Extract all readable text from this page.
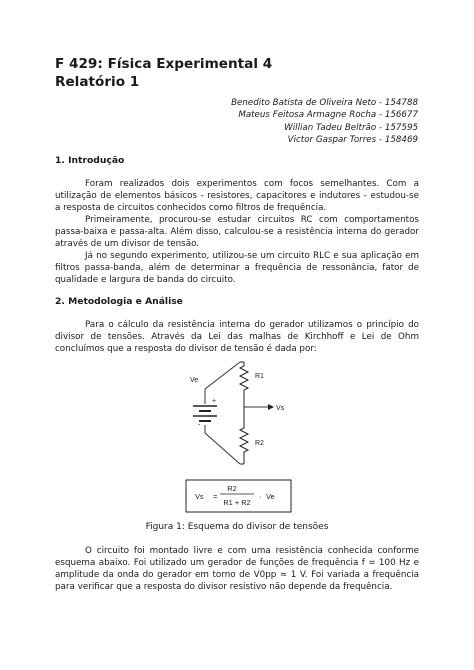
F 429: Física Experimental 4

Relatório 1

Benedito Batista de Oliveira Neto - 154788
Mateus Feitosa Armagne Rocha - 156677
Willian Tadeu Beltrão - 157595
Victor Gaspar Torres - 158469

1. Introdução

Foram realizados dois experimentos com focos semelhantes. Com a utilização de elementos básicos - resistores, capacitores e indutores - estudou-se a resposta de circuitos conhecidos como filtros de frequência.

Primeiramente, procurou-se estudar circuitos RC com comportamentos passa-baixa e passa-alta. Além disso, calculou-se a resistência interna do gerador através de um divisor de tensão.

Já no segundo experimento, utilizou-se um circuito RLC e sua aplicação em filtros passa-banda, além de determinar a frequência de ressonância, fator de qualidade e largura de banda do circuito.

2. Metodologia e Análise

Para o cálculo da resistência interna do gerador utilizamos o princípio do divisor de tensões. Através da Lei das malhas de Kirchhoff e Lei de Ohm concluímos que a resposta do divisor de tensão é dada por:

Ve
+
-
R1
R2
Vs
Vs =
R2
R1 + R2
· Ve
Figura 1: Esquema do divisor de tensões

O circuito foi montado livre e com uma resistência conhecida conforme esquema abaixo. Foi utilizado um gerador de funções de frequência f = 100 Hz e amplitude da onda do gerador em torno de V0pp ≈ 1 V. Foi variada a frequência para verificar que a resposta do divisor resistivo não depende da frequência.
